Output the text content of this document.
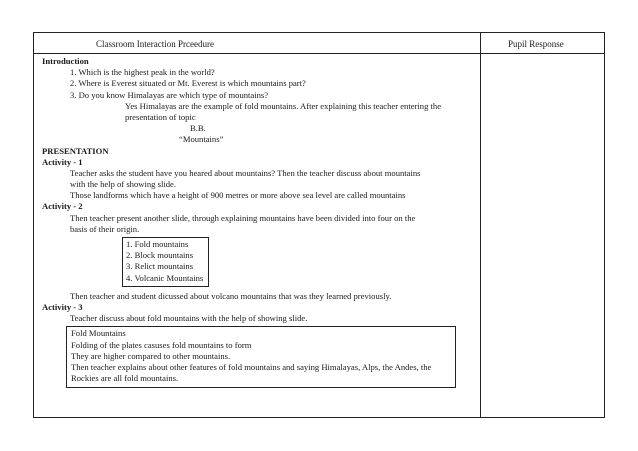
Classroom Interaction Prceedure	Pupil Response
Introduction
1. Which is the highest peak in the world?
2. Where is Everest situated or Mt. Everest is which mountains part?
3. Do you know Himalayas are which type of mountains?
Yes Himalayas are the example of fold mountains. After explaining this teacher entering the
presentation of topic
B.B.
“Mountains”
PRESENTATION
Activity - 1
Teacher asks the student have you heared about mountains? Then the teacher discuss about mountains
with the help of showing slide.
Those landforms which have a height of 900 metres or more above sea level are called mountains
Activity - 2
Then teacher present another slide, through explaining mountains have been divided into four on the
basis of their origin.
1. Fold mountains
2. Block mountains
3. Relict mountains
4. Volcanic Mountains
Then teacher and student dicussed about volcano mountains that was they learned previously.
Activity - 3
Teacher discuss about fold mountains with the help of showing slide.
Fold Mountains
Folding of the plates casuses fold mountains to form
They are higher compared to other mountains.
Then teacher explains about other features of fold mountains and saying Himalayas, Alps, the Andes, the
Rockies are all fold mountains.
